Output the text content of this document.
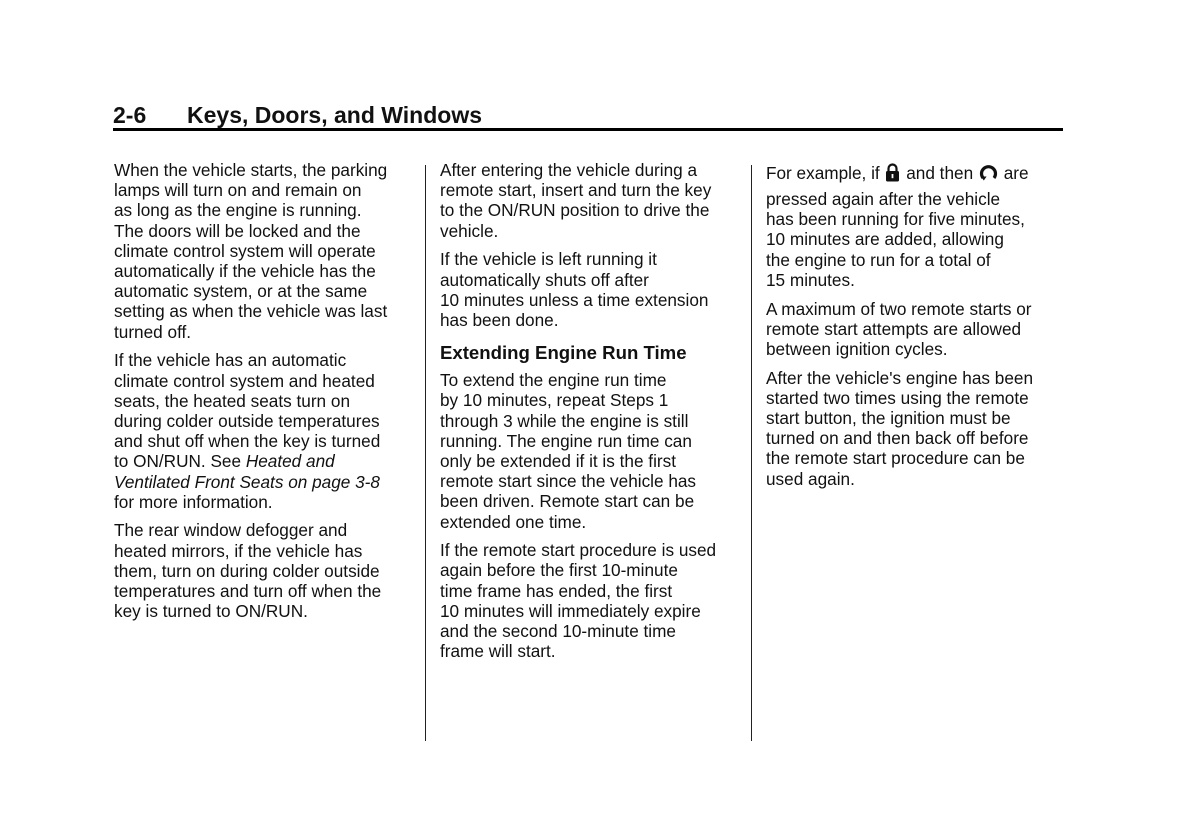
2-6 Keys, Doors, and Windows

When the vehicle starts, the parking
lamps will turn on and remain on
as long as the engine is running.
The doors will be locked and the
climate control system will operate
automatically if the vehicle has the
automatic system, or at the same
setting as when the vehicle was last
turned off.

If the vehicle has an automatic
climate control system and heated
seats, the heated seats turn on
during colder outside temperatures
and shut off when the key is turned
to ON/RUN. See Heated and
Ventilated Front Seats on page 3-8
for more information.

The rear window defogger and
heated mirrors, if the vehicle has
them, turn on during colder outside
temperatures and turn off when the
key is turned to ON/RUN.

After entering the vehicle during a
remote start, insert and turn the key
to the ON/RUN position to drive the
vehicle.

If the vehicle is left running it
automatically shuts off after
10 minutes unless a time extension
has been done.

Extending Engine Run Time

To extend the engine run time
by 10 minutes, repeat Steps 1
through 3 while the engine is still
running. The engine run time can
only be extended if it is the first
remote start since the vehicle has
been driven. Remote start can be
extended one time.

If the remote start procedure is used
again before the first 10-minute
time frame has ended, the first
10 minutes will immediately expire
and the second 10-minute time
frame will start.

For example, if  and then  are
pressed again after the vehicle
has been running for five minutes,
10 minutes are added, allowing
the engine to run for a total of
15 minutes.

A maximum of two remote starts or
remote start attempts are allowed
between ignition cycles.

After the vehicle's engine has been
started two times using the remote
start button, the ignition must be
turned on and then back off before
the remote start procedure can be
used again.
